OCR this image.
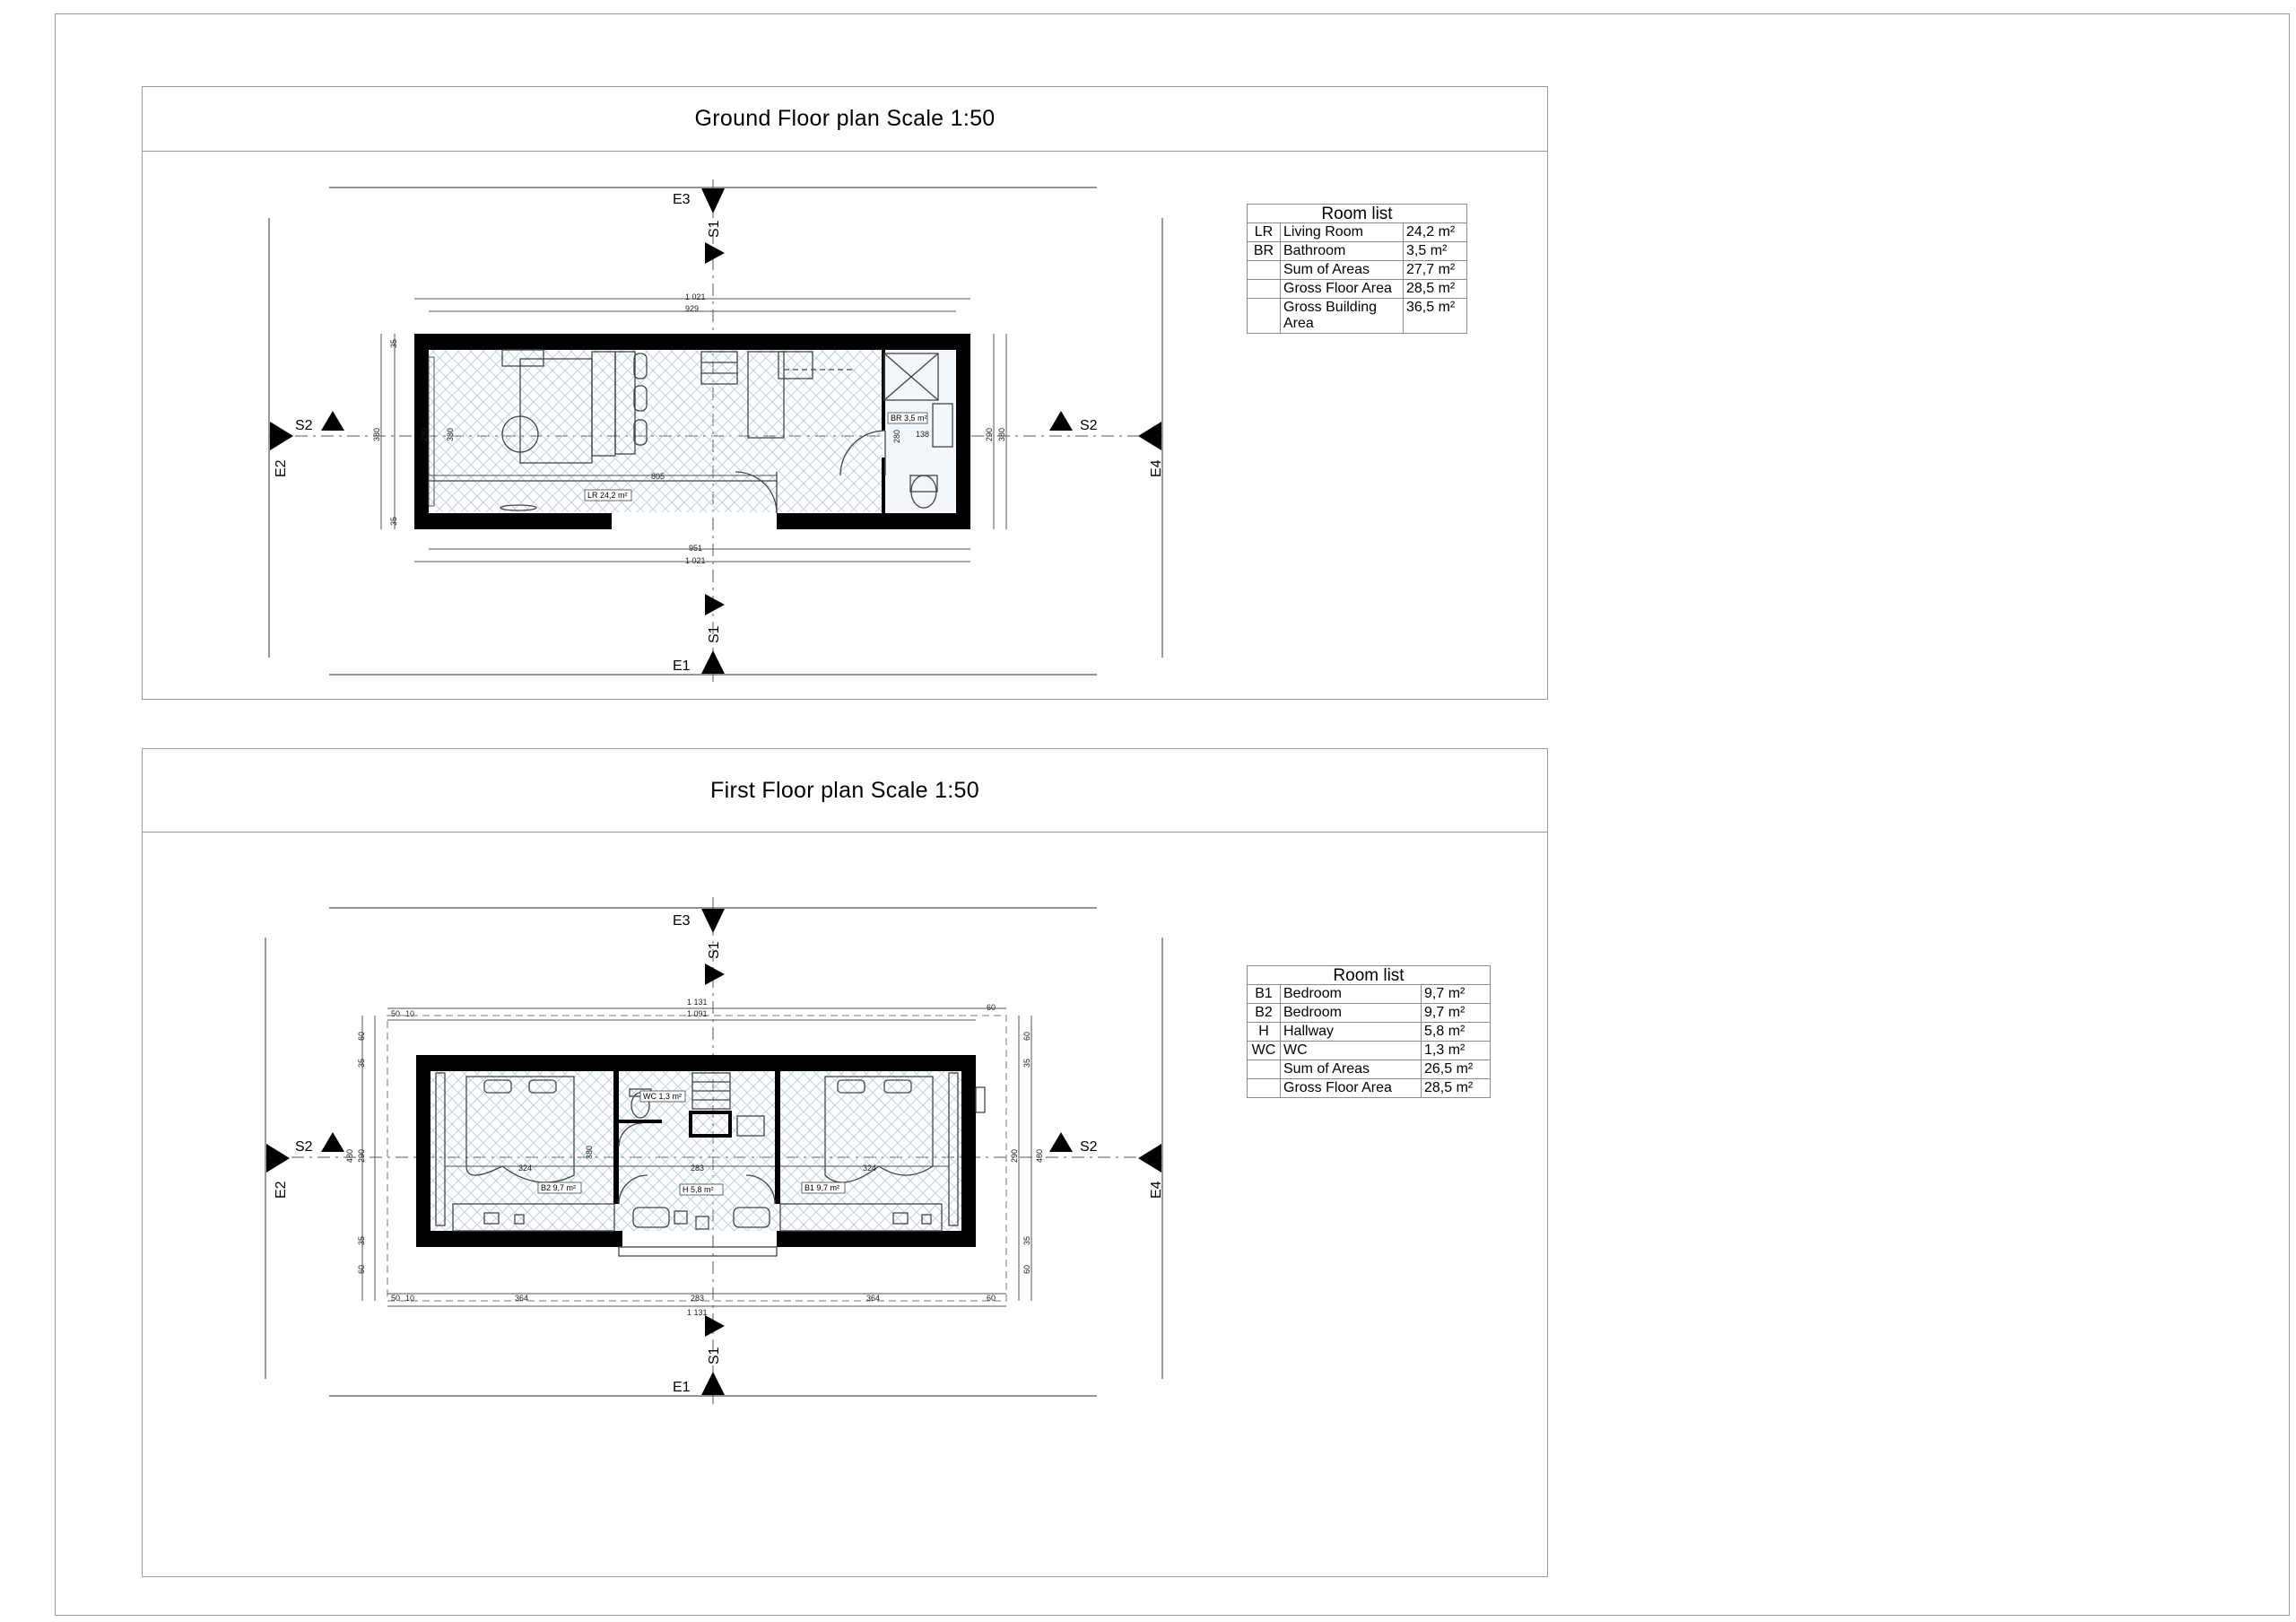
Ground Floor plan Scale 1:50
E3
E1
S2	S2
E2	E4
S1
S1
1 021
929
951
1 021
805
138
35
380	290
35
380	290 380
280
LR 24,2 m²
BR 3,5 m²
Room list		
LR	Living Room	24,2 m²
BR	Bathroom	3,5 m²
	Sum of Areas	27,7 m²
	Gross Floor Area	28,5 m²
	Gross Building Area	36,5 m²
First Floor plan Scale 1:50
E3
E1
S2	S2
E2	E4
S1
S1
1 131
1 091
50 10
60
50 10	364	283	364	60
1 131
324	283	324
60
35
290
35
60
480
60
35
290
35
60
480
380
B2 9,7 m²	H 5,8 m²	B1 9,7 m²
WC 1,3 m²
Room list		
B1	Bedroom	9,7 m²
B2	Bedroom	9,7 m²
H	Hallway	5,8 m²
WC	WC	1,3 m²
	Sum of Areas	26,5 m²
	Gross Floor Area	28,5 m²
